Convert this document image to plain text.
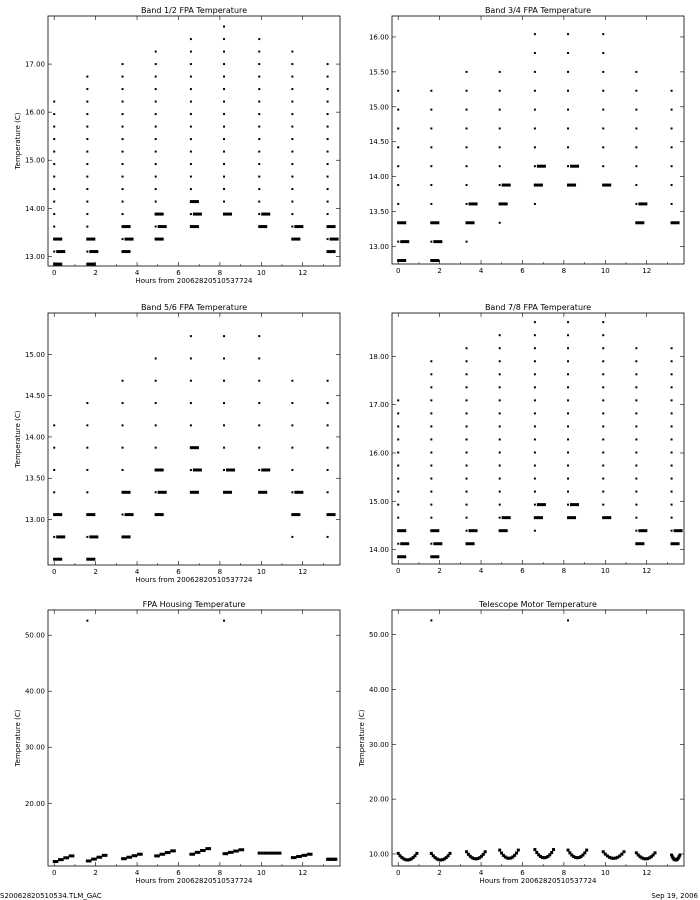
Band 1/2 FPA Temperature
0	2	4	6	8	10	12
Hours from 20062820510537724
13.00
14.00
15.00
16.00
17.00
Temperature (C)
Band 3/4 FPA Temperature
0	2	4	6	8	10	12
13.00
13.50
14.00
14.50
15.00
15.50
16.00
Band 5/6 FPA Temperature
0	2	4	6	8	10	12
Hours from 20062820510537724
13.00
13.50
14.00
14.50
15.00
Temperature (C)
Band 7/8 FPA Temperature
0	2	4	6	8	10	12
14.00
15.00
16.00
17.00
18.00
FPA Housing Temperature
0	2	4	6	8	10	12
Hours from 20062820510537724
20.00
30.00
40.00
50.00
Temperature (C)
Telescope Motor Temperature
0	2	4	6	8	10	12
Hours from 20062820510537724
10.00
20.00
30.00
40.00
50.00
Temperature (C)
S20062820510534.TLM_GAC	Sep 19, 2006
